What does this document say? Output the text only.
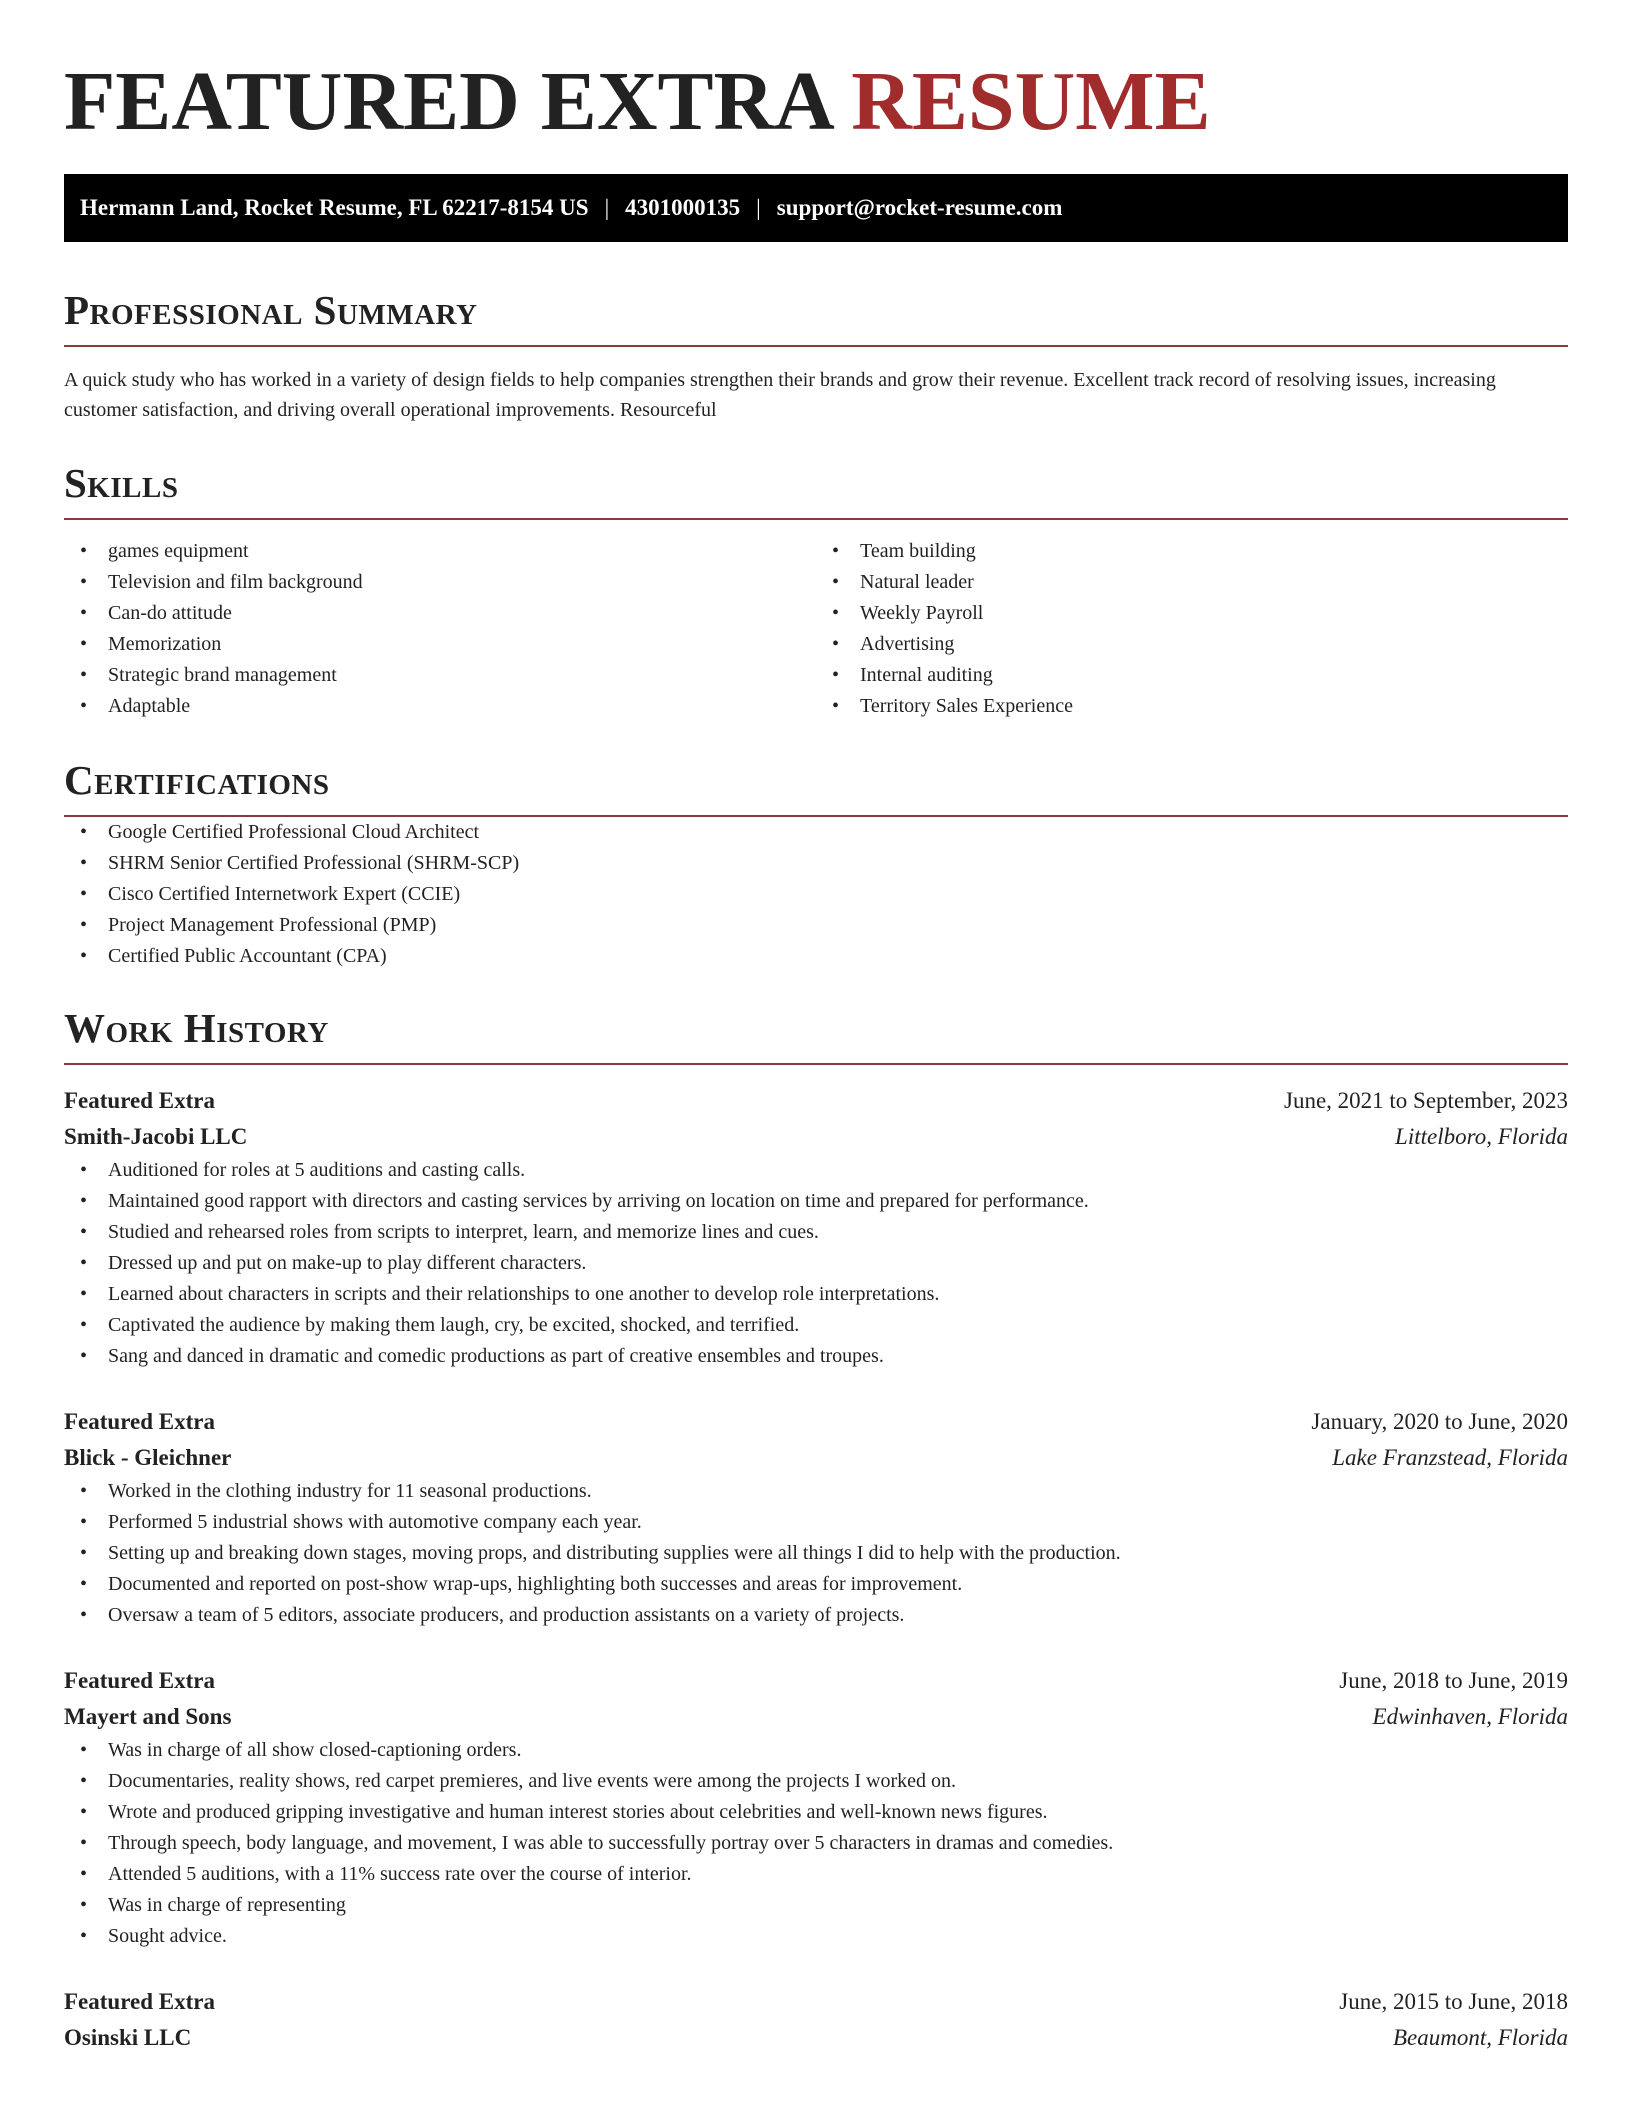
FEATURED EXTRA RESUME
Hermann Land, Rocket Resume, FL 62217-8154 US | 4301000135 | support@rocket-resume.com
Professional Summary

A quick study who has worked in a variety of design fields to help companies strengthen their brands and grow their revenue. Excellent track record of resolving issues, increasing customer satisfaction, and driving overall operational improvements. Resourceful

Skills
• games equipment
• Television and film background
• Can-do attitude
• Memorization
• Strategic brand management
• Adaptable
• Team building
• Natural leader
• Weekly Payroll
• Advertising
• Internal auditing
• Territory Sales Experience
Certifications
• Google Certified Professional Cloud Architect
• SHRM Senior Certified Professional (SHRM-SCP)
• Cisco Certified Internetwork Expert (CCIE)
• Project Management Professional (PMP)
• Certified Public Accountant (CPA)
Work History
Featured Extra	June, 2021 to September, 2023
Smith-Jacobi LLC	Littelboro, Florida
• Auditioned for roles at 5 auditions and casting calls.
• Maintained good rapport with directors and casting services by arriving on location on time and prepared for performance.
• Studied and rehearsed roles from scripts to interpret, learn, and memorize lines and cues.
• Dressed up and put on make-up to play different characters.
• Learned about characters in scripts and their relationships to one another to develop role interpretations.
• Captivated the audience by making them laugh, cry, be excited, shocked, and terrified.
• Sang and danced in dramatic and comedic productions as part of creative ensembles and troupes.
Featured Extra	January, 2020 to June, 2020
Blick - Gleichner	Lake Franzstead, Florida
• Worked in the clothing industry for 11 seasonal productions.
• Performed 5 industrial shows with automotive company each year.
• Setting up and breaking down stages, moving props, and distributing supplies were all things I did to help with the production.
• Documented and reported on post-show wrap-ups, highlighting both successes and areas for improvement.
• Oversaw a team of 5 editors, associate producers, and production assistants on a variety of projects.
Featured Extra	June, 2018 to June, 2019
Mayert and Sons	Edwinhaven, Florida
• Was in charge of all show closed-captioning orders.
• Documentaries, reality shows, red carpet premieres, and live events were among the projects I worked on.
• Wrote and produced gripping investigative and human interest stories about celebrities and well-known news figures.
• Through speech, body language, and movement, I was able to successfully portray over 5 characters in dramas and comedies.
• Attended 5 auditions, with a 11% success rate over the course of interior.
• Was in charge of representing
• Sought advice.
Featured Extra	June, 2015 to June, 2018
Osinski LLC	Beaumont, Florida
